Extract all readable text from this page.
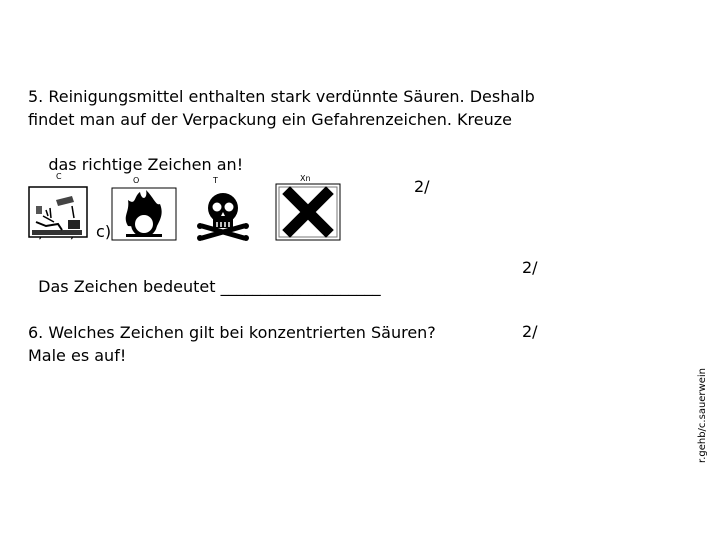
5. Reinigungsmittel enthalten stark verdünnte Säuren. Deshalb
findet man auf der Verpackung ein Gefahrenzeichen. Kreuze

das richtige Zeichen an!

2/

c)
C	O	T	Xn

Das Zeichen bedeutet ____________________

2/
6. Welches Zeichen gilt bei konzentrierten Säuren?
Male es auf!
2/
r.gehb/c.sauerwein
